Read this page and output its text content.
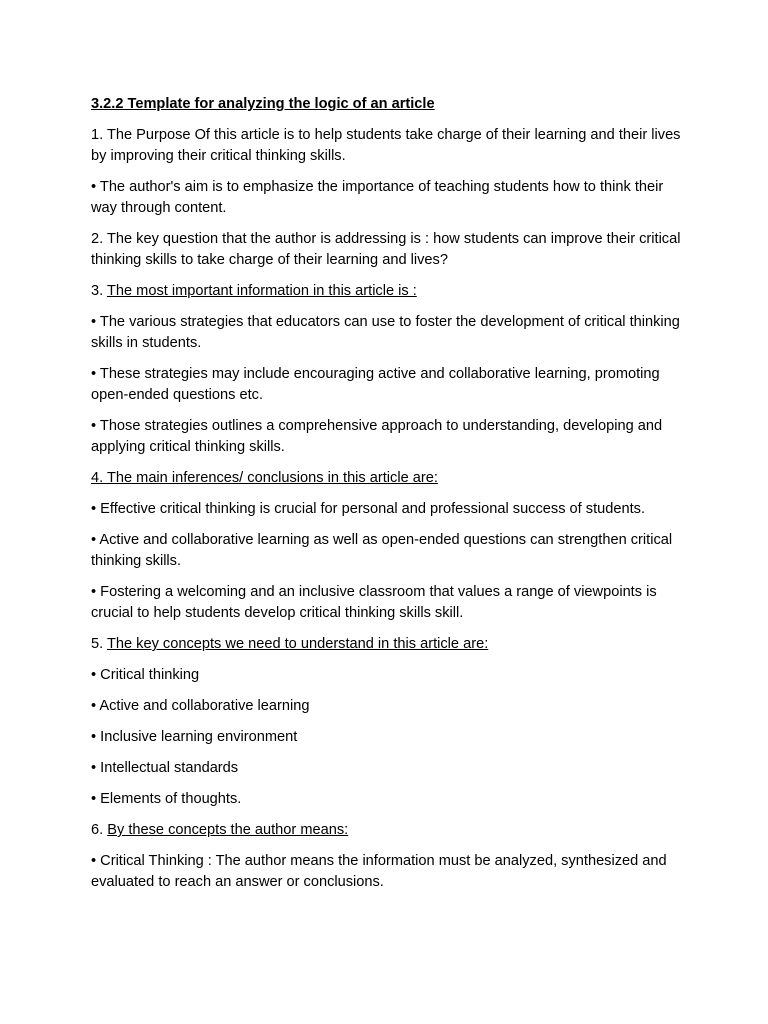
3.2.2 Template for analyzing the logic of an article
1. The Purpose Of this article is to help students take charge of their learning and their lives by improving their critical thinking skills.
• The author's aim is to emphasize the importance of teaching students how to think their way through content.
2. The key question that the author is addressing is : how students can improve their critical thinking skills to take charge of their learning and lives?
3. The most important information in this article is :
• The various strategies that educators can use to foster the development of critical thinking skills in students.
• These strategies may include encouraging active and collaborative learning, promoting open-ended questions etc.
• Those strategies outlines a comprehensive approach to understanding, developing and applying critical thinking skills.
4. The main inferences/ conclusions in this article are:
• Effective critical thinking is crucial for personal and professional success of students.
• Active and collaborative learning as well as open-ended questions can strengthen critical thinking skills.
• Fostering a welcoming and an inclusive classroom that values a range of viewpoints is crucial to help students develop critical thinking skills skill.
5. The key concepts we need to understand in this article are:
• Critical thinking
• Active and collaborative learning
• Inclusive learning environment
• Intellectual standards
• Elements of thoughts.
6. By these concepts the author means:
• Critical Thinking : The author means the information must be analyzed, synthesized and evaluated to reach an answer or conclusions.
